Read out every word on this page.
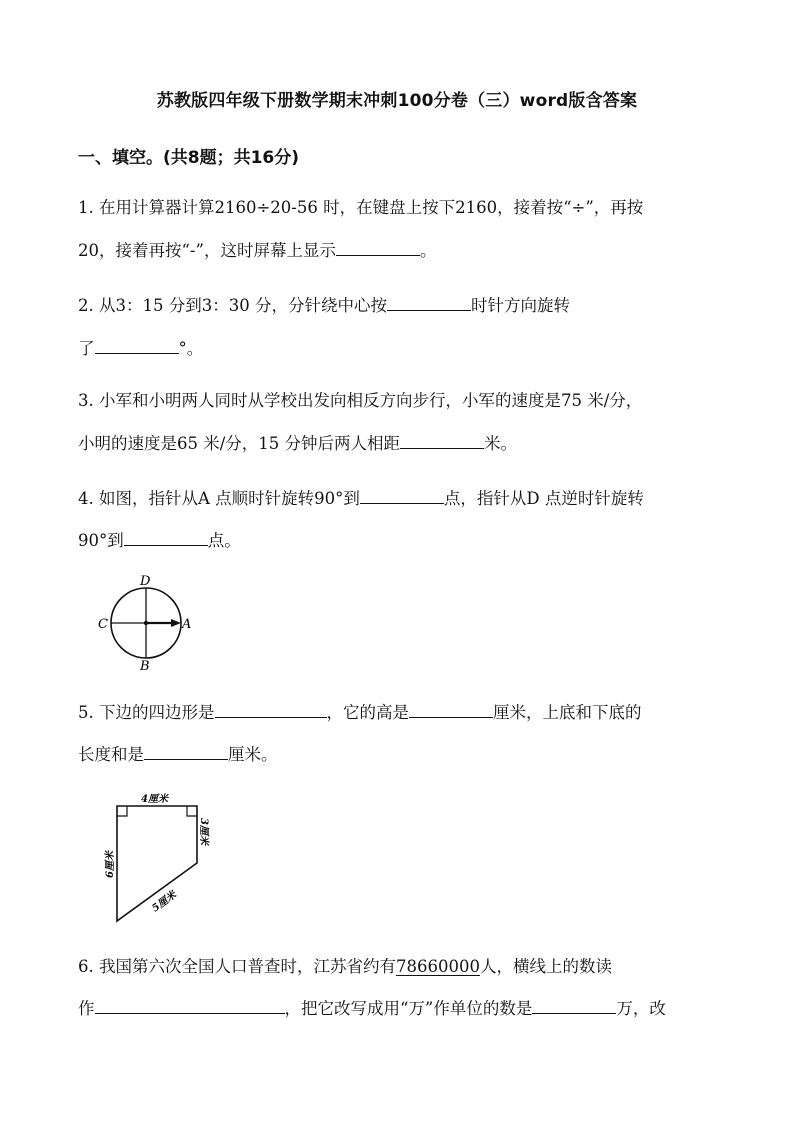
苏教版四年级下册数学期末冲刺100分卷（三）word版含答案
一、填空。(共8题；共16分)
1. 在用计算器计算2160÷20-56 时，在键盘上按下2160，接着按“÷”，再按
20，接着再按“-”，这时屏幕上显示	。
2. 从3：15 分到3：30 分，分针绕中心按	时针方向旋转
了	°。
3. 小军和小明两人同时从学校出发向相反方向步行，小军的速度是75 米/分，
小明的速度是65 米/分，15 分钟后两人相距	米。
4. 如图，指针从A 点顺时针旋转90°到	点，指针从D 点逆时针旋转
90°到	点。
D
C	A
B
5. 下边的四边形是	，它的高是	厘米，上底和下底的
长度和是	厘米。
4厘米
3厘米
6厘米
5厘米
6. 我国第六次全国人口普查时，江苏省约有78660000人，横线上的数读
作	，把它改写成用“万”作单位的数是	万，改
